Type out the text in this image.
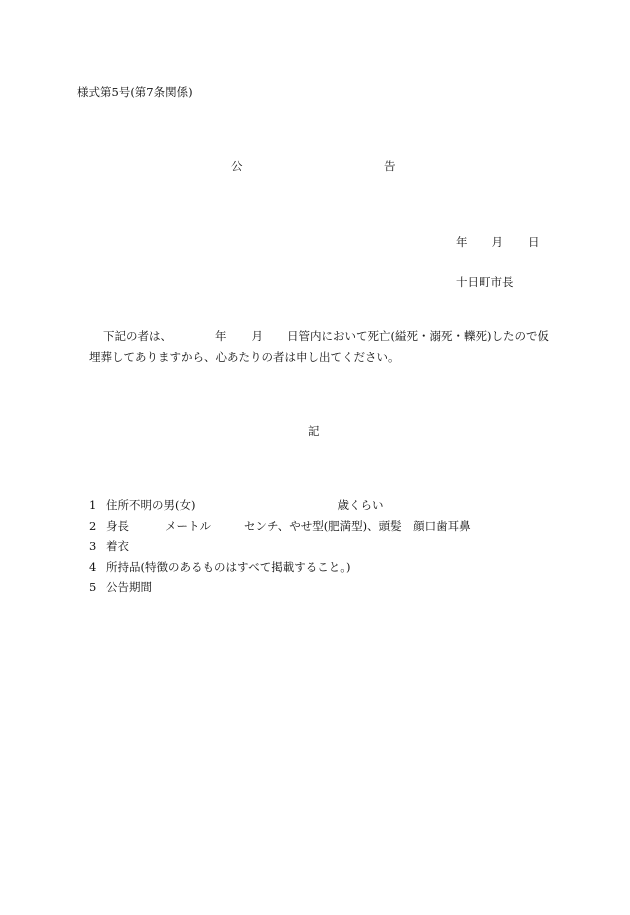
様式第5号(第7条関係)
公	告
年 月 日
十日町市長
下記の者は、	年 月 日管内において死亡(縊死・溺死・轢死)したので仮
埋葬してありますから、心あたりの者は申し出てください。
記
1 住所不明の男(女)	歳くらい
2 身長	メートル	センチ、やせ型(肥満型)、頭髪　顔口歯耳鼻
3 着衣
4 所持品(特徴のあるものはすべて掲載すること。)
5 公告期間
